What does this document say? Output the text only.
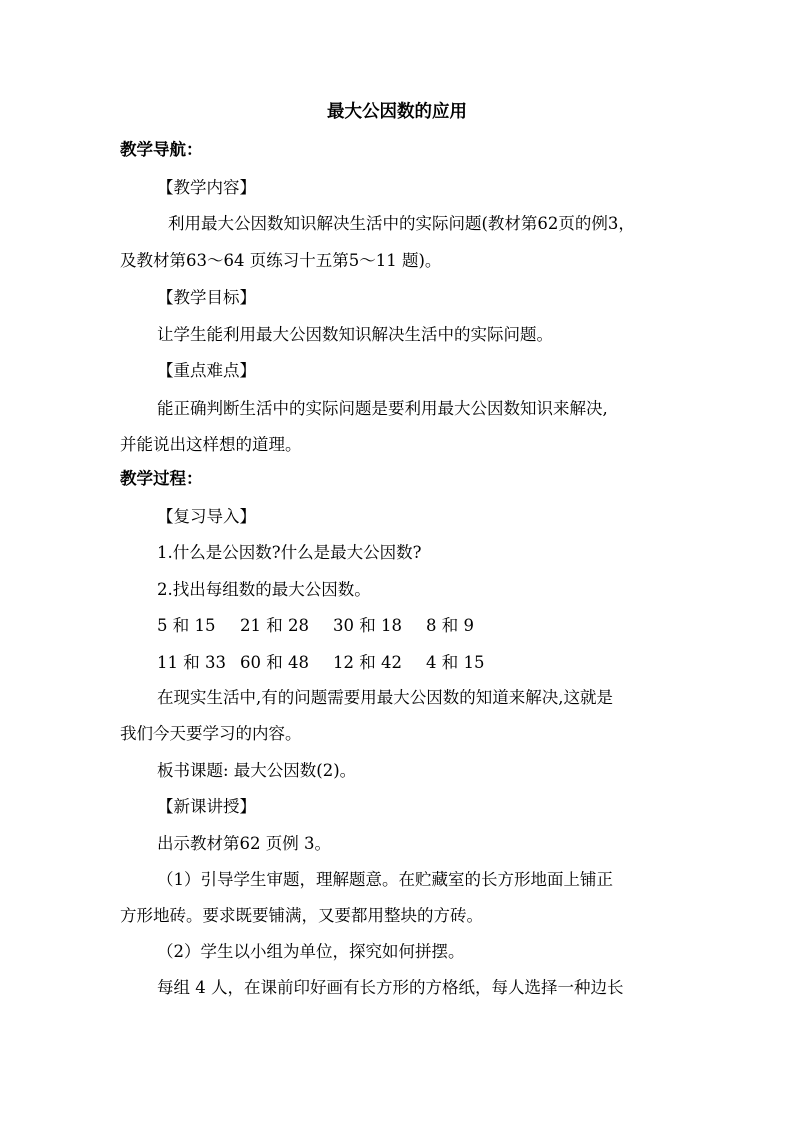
最大公因数的应用
教学导航：
【教学内容】
利用最大公因数知识解决生活中的实际问题(教材第62页的例3，
及教材第63～64 页练习十五第5～11 题)。
【教学目标】
让学生能利用最大公因数知识解决生活中的实际问题。
【重点难点】
能正确判断生活中的实际问题是要利用最大公因数知识来解决,
并能说出这样想的道理。
教学过程：
【复习导入】
1.什么是公因数?什么是最大公因数?
2.找出每组数的最大公因数。
5 和 15 21 和 28 30 和 18 8 和 9
11 和 33 60 和 48 12 和 42 4 和 15
在现实生活中,有的问题需要用最大公因数的知道来解决,这就是
我们今天要学习的内容。
板书课题: 最大公因数(2)。
【新课讲授】
出示教材第62 页例 3。
（1）引导学生审题，理解题意。在贮藏室的长方形地面上铺正
方形地砖。要求既要铺满，又要都用整块的方砖。
（2）学生以小组为单位，探究如何拼摆。
每组 4 人，在课前印好画有长方形的方格纸，每人选择一种边长
